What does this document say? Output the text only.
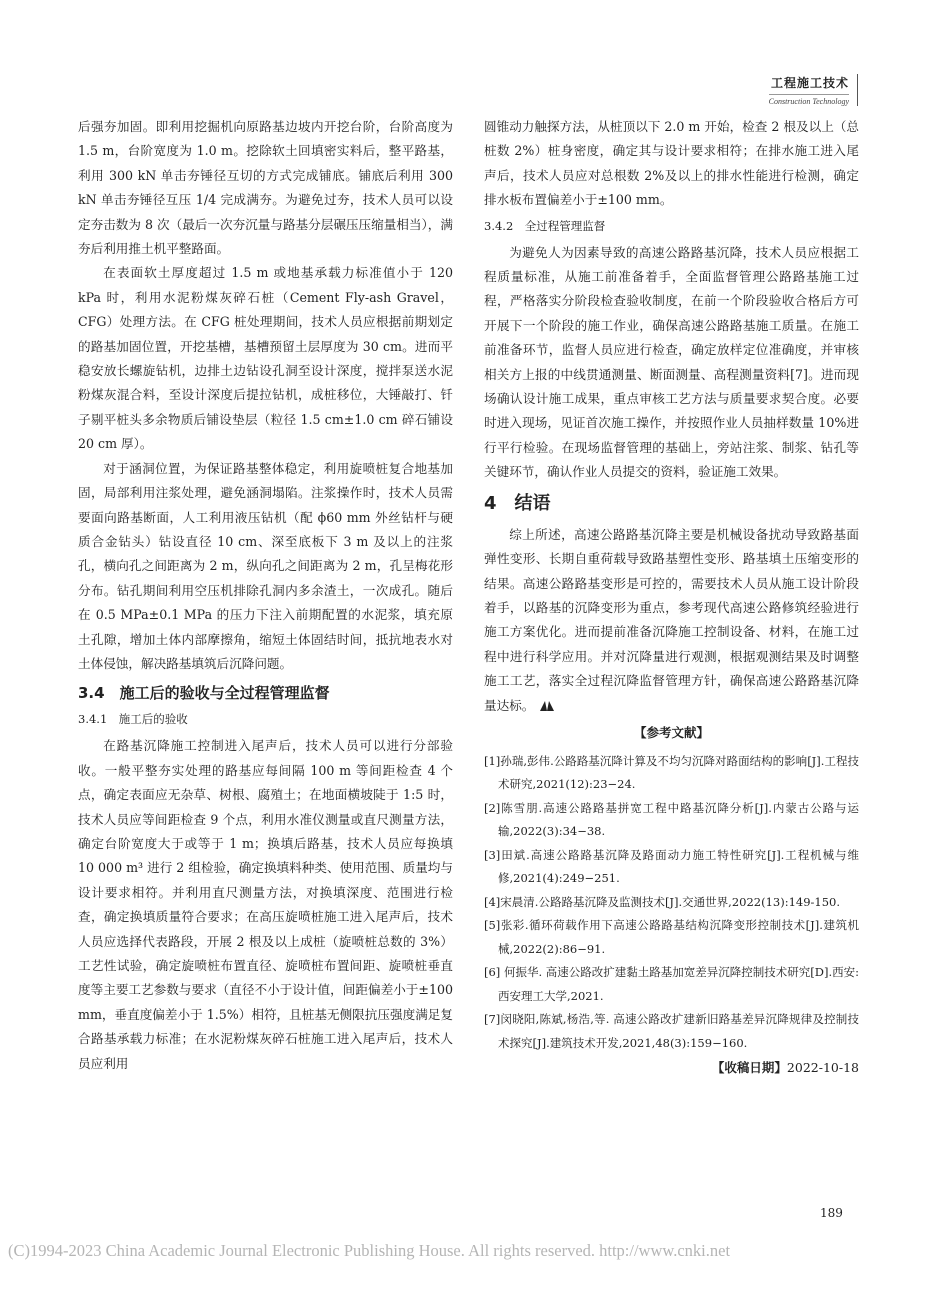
工程施工技术
Construction Technology

后强夯加固。即利用挖掘机向原路基边坡内开挖台阶，台阶高度为 1.5 m，台阶宽度为 1.0 m。挖除软土回填密实料后，整平路基，利用 300 kN 单击夯锤径互切的方式完成铺底。铺底后利用 300 kN 单击夯锤径互压 1/4 完成满夯。为避免过夯，技术人员可以设定夯击数为 8 次（最后一次夯沉量与路基分层碾压压缩量相当），满夯后利用推土机平整路面。

在表面软土厚度超过 1.5 m 或地基承载力标准值小于 120 kPa 时，利用水泥粉煤灰碎石桩（Cement Fly-ash Gravel，CFG）处理方法。在 CFG 桩处理期间，技术人员应根据前期划定的路基加固位置，开挖基槽，基槽预留土层厚度为 30 cm。进而平稳安放长螺旋钻机，边排土边钻设孔洞至设计深度，搅拌泵送水泥粉煤灰混合料，至设计深度后提拉钻机，成桩移位，大锤敲打、钎子剔平桩头多余物质后铺设垫层（粒径 1.5 cm±1.0 cm 碎石铺设 20 cm 厚）。

对于涵洞位置，为保证路基整体稳定，利用旋喷桩复合地基加固，局部利用注浆处理，避免涵洞塌陷。注浆操作时，技术人员需要面向路基断面，人工利用液压钻机（配 ϕ60 mm 外丝钻杆与硬质合金钻头）钻设直径 10 cm、深至底板下 3 m 及以上的注浆孔，横向孔之间距离为 2 m，纵向孔之间距离为 2 m，孔呈梅花形分布。钻孔期间利用空压机排除孔洞内多余渣土，一次成孔。随后在 0.5 MPa±0.1 MPa 的压力下注入前期配置的水泥浆，填充原土孔隙，增加土体内部摩擦角，缩短土体固结时间，抵抗地表水对土体侵蚀，解决路基填筑后沉降问题。

3.4　施工后的验收与全过程管理监督
3.4.1　施工后的验收

在路基沉降施工控制进入尾声后，技术人员可以进行分部验收。一般平整夯实处理的路基应每间隔 100 m 等间距检查 4 个点，确定表面应无杂草、树根、腐殖土；在地面横坡陡于 1:5 时，技术人员应等间距检查 9 个点，利用水准仪测量或直尺测量方法，确定台阶宽度大于或等于 1 m；换填后路基，技术人员应每换填 10 000 m³ 进行 2 组检验，确定换填料种类、使用范围、质量均与设计要求相符。并利用直尺测量方法，对换填深度、范围进行检查，确定换填质量符合要求；在高压旋喷桩施工进入尾声后，技术人员应选择代表路段，开展 2 根及以上成桩（旋喷桩总数的 3%）工艺性试验，确定旋喷桩布置直径、旋喷桩布置间距、旋喷桩垂直度等主要工艺参数与要求（直径不小于设计值，间距偏差小于±100 mm，垂直度偏差小于 1.5%）相符，且桩基无侧限抗压强度满足复合路基承载力标准；在水泥粉煤灰碎石桩施工进入尾声后，技术人员应利用

圆锥动力触探方法，从桩顶以下 2.0 m 开始，检查 2 根及以上（总桩数 2%）桩身密度，确定其与设计要求相符；在排水施工进入尾声后，技术人员应对总根数 2%及以上的排水性能进行检测，确定排水板布置偏差小于±100 mm。

3.4.2　全过程管理监督

为避免人为因素导致的高速公路路基沉降，技术人员应根据工程质量标准，从施工前准备着手，全面监督管理公路路基施工过程，严格落实分阶段检查验收制度，在前一个阶段验收合格后方可开展下一个阶段的施工作业，确保高速公路路基施工质量。在施工前准备环节，监督人员应进行检查，确定放样定位准确度，并审核相关方上报的中线贯通测量、断面测量、高程测量资料[7]。进而现场确认设计施工成果，重点审核工艺方法与质量要求契合度。必要时进入现场，见证首次施工操作，并按照作业人员抽样数量 10%进行平行检验。在现场监督管理的基础上，旁站注浆、制浆、钻孔等关键环节，确认作业人员提交的资料，验证施工效果。

4　结语

综上所述，高速公路路基沉降主要是机械设备扰动导致路基面弹性变形、长期自重荷载导致路基塑性变形、路基填土压缩变形的结果。高速公路路基变形是可控的，需要技术人员从施工设计阶段着手，以路基的沉降变形为重点，参考现代高速公路修筑经验进行施工方案优化。进而提前准备沉降施工控制设备、材料，在施工过程中进行科学应用。并对沉降量进行观测，根据观测结果及时调整施工工艺，落实全过程沉降监督管理方针，确保高速公路路基沉降量达标。

【参考文献】
[1]孙瑞,彭伟.公路路基沉降计算及不均匀沉降对路面结构的影响[J].工程技术研究,2021(12):23−24.
[2]陈雪朋.高速公路路基拼宽工程中路基沉降分析[J].内蒙古公路与运输,2022(3):34−38.
[3]田斌.高速公路路基沉降及路面动力施工特性研究[J].工程机械与维修,2021(4):249−251.
[4]宋晨清.公路路基沉降及监测技术[J].交通世界,2022(13):149-150.
[5]张彩.循环荷载作用下高速公路路基结构沉降变形控制技术[J].建筑机械,2022(2):86−91.
[6] 何振华. 高速公路改扩建黏土路基加宽差异沉降控制技术研究[D].西安:西安理工大学,2021.
[7]闵晓阳,陈斌,杨浩,等. 高速公路改扩建新旧路基差异沉降规律及控制技术探究[J].建筑技术开发,2021,48(3):159−160.
【收稿日期】2022-10-18
189
(C)1994-2023 China Academic Journal Electronic Publishing House. All rights reserved. http://www.cnki.net
